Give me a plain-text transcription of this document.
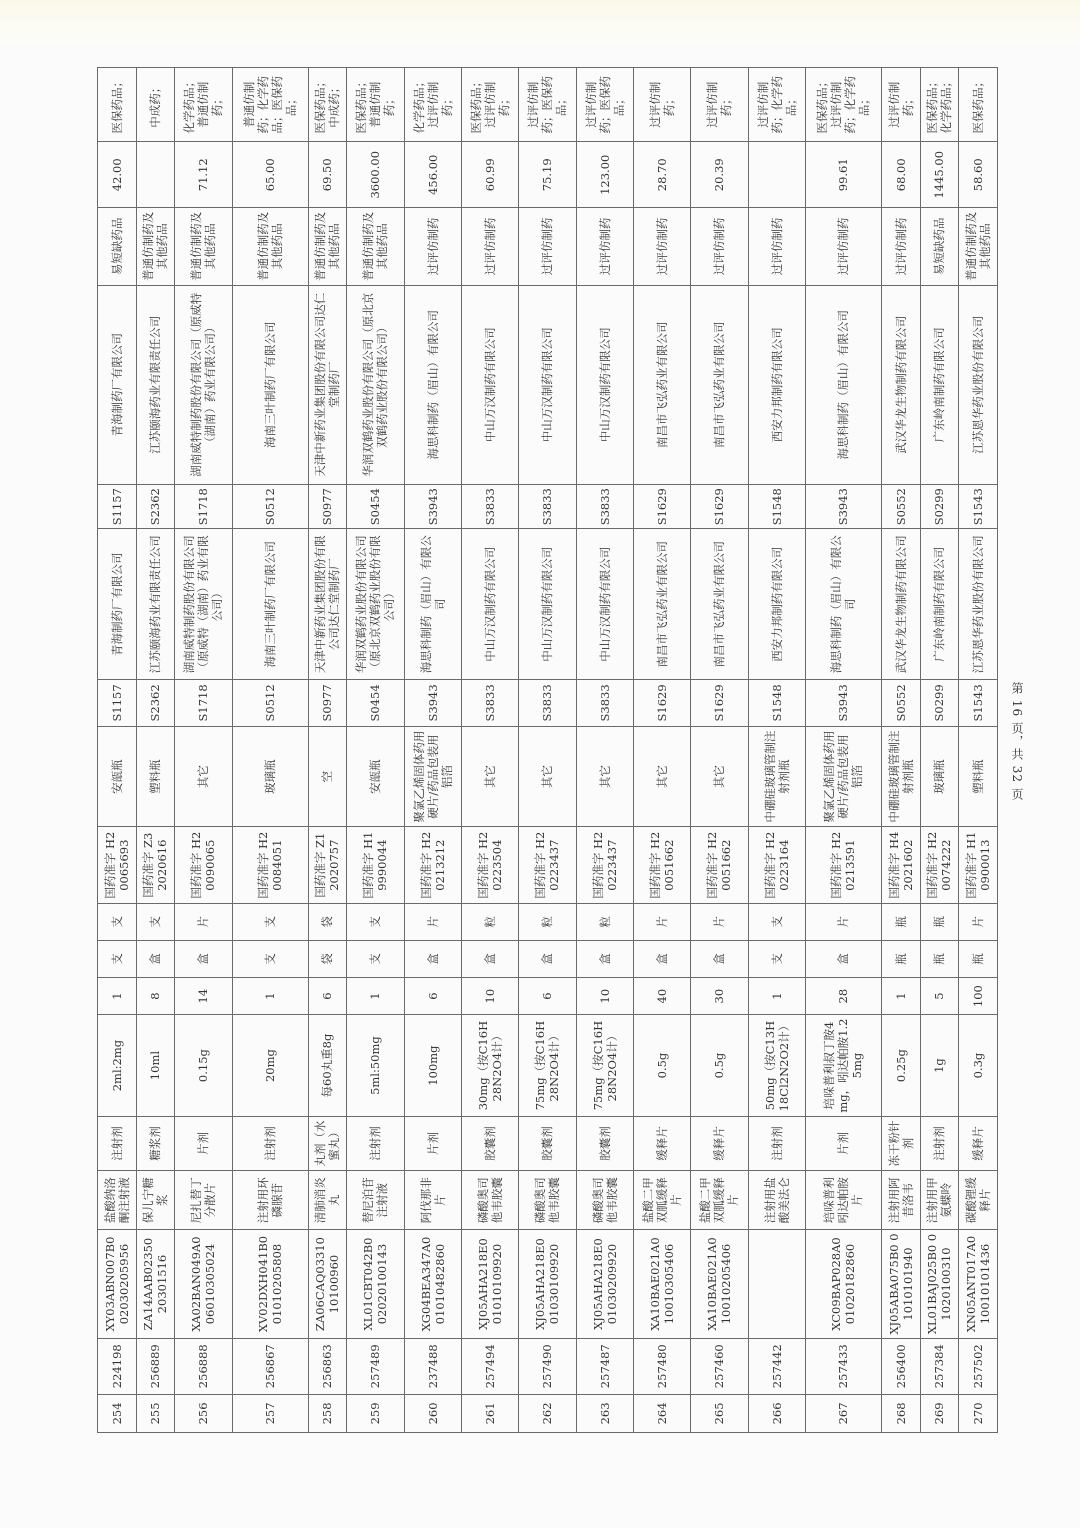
254	224198	XY03ABN007B0 02030205956	盐酸纳洛酮注射液	注射剂	2ml:2mg	1	支	支	国药准字 H20065693	安瓿瓶	S1157	青海制药厂有限公司	S1157	青海制药厂有限公司	易短缺药品	42.00	医保药品；
255	256889	ZA14AAB02350 20301516	保儿宁糖浆	糖浆剂	10ml	8	盒	支	国药准字 Z32020616	塑料瓶	S2362	江苏颐海药业有限责任公司	S2362	江苏颐海药业有限责任公司	普通仿制药及其他药品		中成药；
256	256888	XA02BAN049A0 06010305024	尼扎替丁分散片	片剂	0.15g	14	盒	片	国药准字 H20090065	其它	S1718	湖南威特制药股份有限公司（原威特（湖南）药业有限公司）	S1718	湖南威特制药股份有限公司（原威特（湖南）药业有限公司）	普通仿制药及其他药品	71.12	化学药品；普通仿制药；
257	256867	XV02DXH041B0 01010205808	注射用环磷腺苷	注射剂	20mg	1	支	支	国药准字 H20084051	玻璃瓶	S0512	海南三叶制药厂有限公司	S0512	海南三叶制药厂有限公司	普通仿制药及其他药品	65.00	普通仿制药；化学药品；医保药品；
258	256863	ZA06CAQ03310 10100960	清肺消炎丸	丸剂（水蜜丸）	每60丸重8g	6	袋	袋	国药准字 Z12020757	空	S0977	天津中新药业集团股份有限公司达仁堂制药厂	S0977	天津中新药业集团股份有限公司达仁堂制药厂	普通仿制药及其他药品	69.50	医保药品；中成药；
259	257489	XL01CBT042B0 02020100143	替尼泊苷注射液	注射剂	5ml:50mg	1	支	支	国药准字 H19990044	安瓿瓶	S0454	华润双鹤药业股份有限公司（原北京双鹤药业股份有限公司）	S0454	华润双鹤药业股份有限公司（原北京双鹤药业股份有限公司）	普通仿制药及其他药品	3600.00	医保药品；普通仿制药；
260	237488	XG04BEA347A0 01010482860	阿伐那非片	片剂	100mg	6	盒	片	国药准字 H20213212	聚氯乙烯固体药用硬片/药品包装用铝箔	S3943	海思科制药（眉山）有限公司	S3943	海思科制药（眉山）有限公司	过评仿制药	456.00	化学药品；过评仿制药；
261	257494	XJ05AHA218E0 01010109920	磷酸奥司他韦胶囊	胶囊剂	30mg（按C16H28N2O4计）	10	盒	粒	国药准字 H20223504	其它	S3833	中山万汉制药有限公司	S3833	中山万汉制药有限公司	过评仿制药	60.99	医保药品；过评仿制药；
262	257490	XJ05AHA218E0 01030109920	磷酸奥司他韦胶囊	胶囊剂	75mg（按C16H28N2O4计）	6	盒	粒	国药准字 H20223437	其它	S3833	中山万汉制药有限公司	S3833	中山万汉制药有限公司	过评仿制药	75.19	过评仿制药；医保药品；
263	257487	XJ05AHA218E0 01030209920	磷酸奥司他韦胶囊	胶囊剂	75mg（按C16H28N2O4计）	10	盒	粒	国药准字 H20223437	其它	S3833	中山万汉制药有限公司	S3833	中山万汉制药有限公司	过评仿制药	123.00	过评仿制药；医保药品；
264	257480	XA10BAE021A0 10010305406	盐酸二甲双胍缓释片	缓释片	0.5g	40	盒	片	国药准字 H20051662	其它	S1629	南昌市飞弘药业有限公司	S1629	南昌市飞弘药业有限公司	过评仿制药	28.70	过评仿制药；
265	257460	XA10BAE021A0 10010205406	盐酸二甲双胍缓释片	缓释片	0.5g	30	盒	片	国药准字 H20051662	其它	S1629	南昌市飞弘药业有限公司	S1629	南昌市飞弘药业有限公司	过评仿制药	20.39	过评仿制药；
266	257442		注射用盐酸美法仑	注射剂	50mg（按C13H18Cl2N2O2计）	1	支	支	国药准字 H20223164	中硼硅玻璃管制注射剂瓶	S1548	西安力邦制药有限公司	S1548	西安力邦制药有限公司	过评仿制药		过评仿制药；化学药品；
267	257433	XC09BAP028A0 01020182860	培哚普利吲达帕胺片	片剂	培哚普利叔丁胺4mg，吲达帕胺1.25mg	28	盒	片	国药准字 H20213591	聚氯乙烯固体药用硬片/药品包装用铝箔	S3943	海思科制药（眉山）有限公司	S3943	海思科制药（眉山）有限公司	过评仿制药	99.61	医保药品；过评仿制药；化学药品；
268	256400	XJ05ABA075B0 01010101940	注射用阿昔洛韦	冻干粉针剂	0.25g	1	瓶	瓶	国药准字 H42021602	中硼硅玻璃管制注射剂瓶	S0552	武汉华龙生物制药有限公司	S0552	武汉华龙生物制药有限公司	过评仿制药	68.00	过评仿制药；
269	257384	XL01BAJ025B0 01020100310	注射用甲氨蝶呤	注射剂	1g	5	瓶	瓶	国药准字 H20074222	玻璃瓶	S0299	广东岭南制药有限公司	S0299	广东岭南制药有限公司	易短缺药品	1445.00	医保药品；化学药品；
270	257502	XN05ANT017A0 10010101436	碳酸锂缓释片	缓释片	0.3g	100	瓶	片	国药准字 H10900013	塑料瓶	S1543	江苏恩华药业股份有限公司	S1543	江苏恩华药业股份有限公司	普通仿制药及其他药品	58.60	医保药品；
第 16 页，共 32 页
